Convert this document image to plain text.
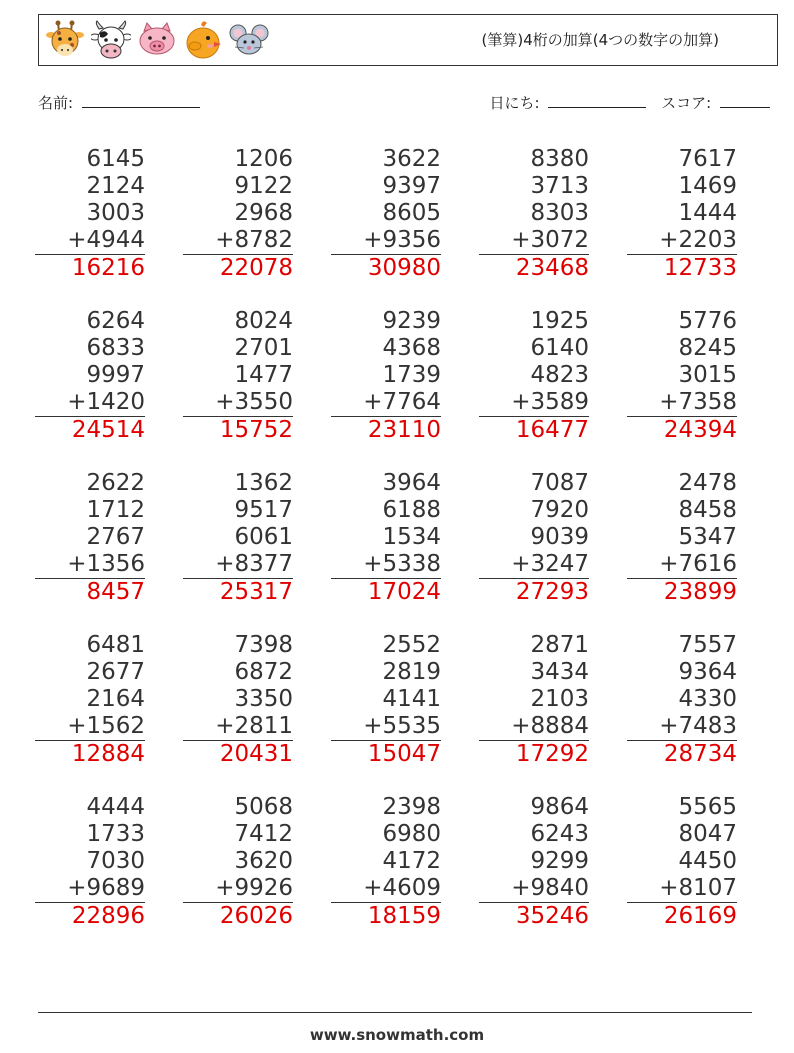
(筆算)4桁の加算(4つの数字の加算)
名前:	日にち:	スコア:
6145
2124
3003
+4944
16216
1206
9122
2968
+8782
22078
3622
9397
8605
+9356
30980
8380
3713
8303
+3072
23468
7617
1469
1444
+2203
12733
6264
6833
9997
+1420
24514
8024
2701
1477
+3550
15752
9239
4368
1739
+7764
23110
1925
6140
4823
+3589
16477
5776
8245
3015
+7358
24394
2622
1712
2767
+1356
8457
1362
9517
6061
+8377
25317
3964
6188
1534
+5338
17024
7087
7920
9039
+3247
27293
2478
8458
5347
+7616
23899
6481
2677
2164
+1562
12884
7398
6872
3350
+2811
20431
2552
2819
4141
+5535
15047
2871
3434
2103
+8884
17292
7557
9364
4330
+7483
28734
4444
1733
7030
+9689
22896
5068
7412
3620
+9926
26026
2398
6980
4172
+4609
18159
9864
6243
9299
+9840
35246
5565
8047
4450
+8107
26169
www.snowmath.com
